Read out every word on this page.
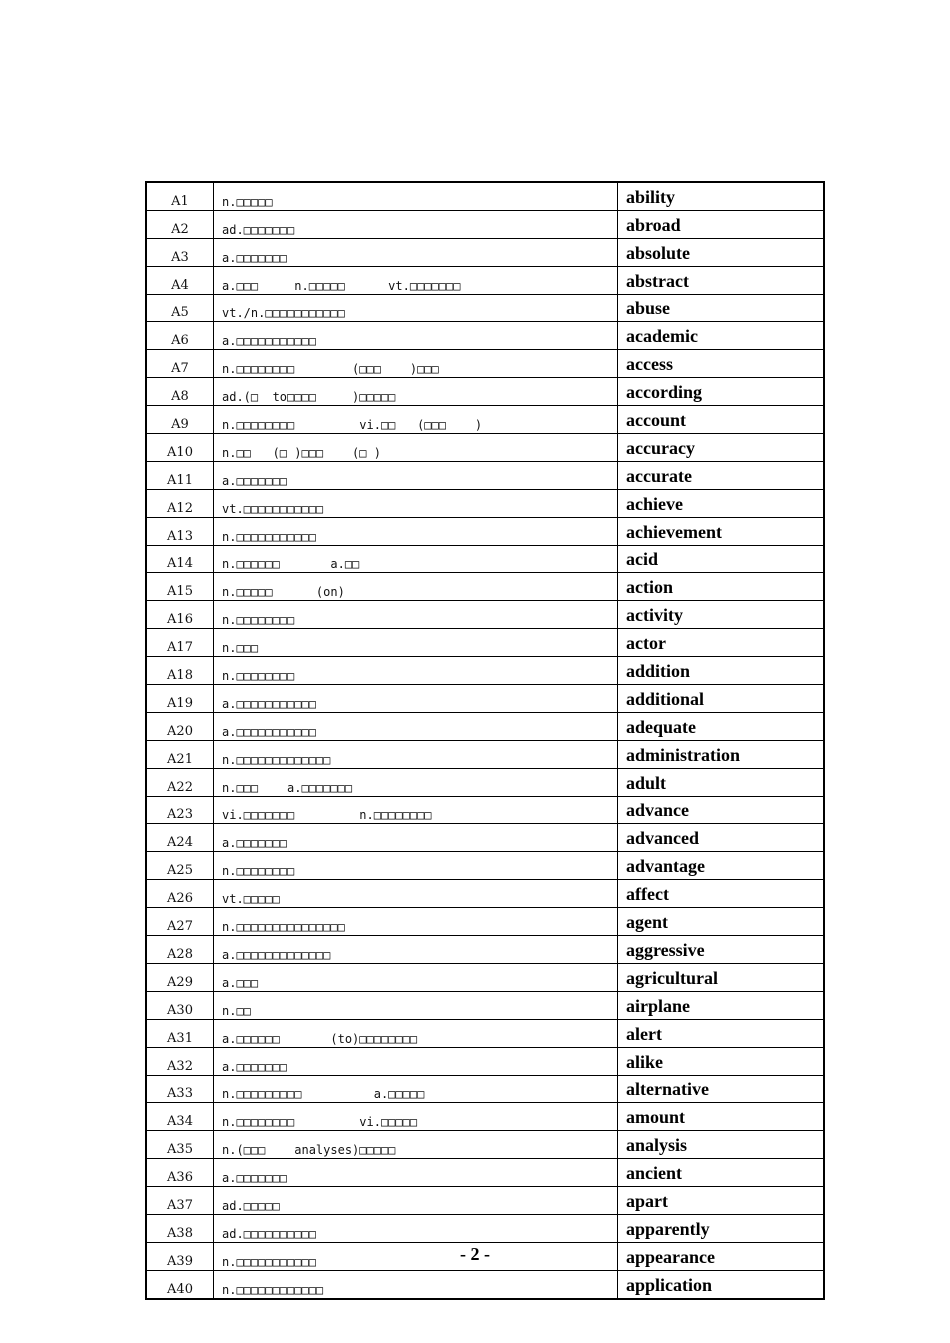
A1	n.□□□□□	ability
A2	ad.□□□□□□□	abroad
A3	a.□□□□□□□	absolute
A4	a.□□□     n.□□□□□      vt.□□□□□□□	abstract
A5	vt./n.□□□□□□□□□□□	abuse
A6	a.□□□□□□□□□□□	academic
A7	n.□□□□□□□□        (□□□    )□□□	access
A8	ad.(□  to□□□□     )□□□□□	according
A9	n.□□□□□□□□         vi.□□   (□□□    )	account
A10	n.□□   (□ )□□□    (□ )	accuracy
A11	a.□□□□□□□	accurate
A12	vt.□□□□□□□□□□□	achieve
A13	n.□□□□□□□□□□□	achievement
A14	n.□□□□□□       a.□□	acid
A15	n.□□□□□      (on)	action
A16	n.□□□□□□□□	activity
A17	n.□□□	actor
A18	n.□□□□□□□□	addition
A19	a.□□□□□□□□□□□	additional
A20	a.□□□□□□□□□□□	adequate
A21	n.□□□□□□□□□□□□□	administration
A22	n.□□□    a.□□□□□□□	adult
A23	vi.□□□□□□□         n.□□□□□□□□	advance
A24	a.□□□□□□□	advanced
A25	n.□□□□□□□□	advantage
A26	vt.□□□□□	affect
A27	n.□□□□□□□□□□□□□□□	agent
A28	a.□□□□□□□□□□□□□	aggressive
A29	a.□□□	agricultural
A30	n.□□	airplane
A31	a.□□□□□□       (to)□□□□□□□□	alert
A32	a.□□□□□□□	alike
A33	n.□□□□□□□□□          a.□□□□□	alternative
A34	n.□□□□□□□□         vi.□□□□□	amount
A35	n.(□□□    analyses)□□□□□	analysis
A36	a.□□□□□□□	ancient
A37	ad.□□□□□	apart
A38	ad.□□□□□□□□□□	apparently
A39	n.□□□□□□□□□□□	appearance
A40	n.□□□□□□□□□□□□	application
- 2 -
